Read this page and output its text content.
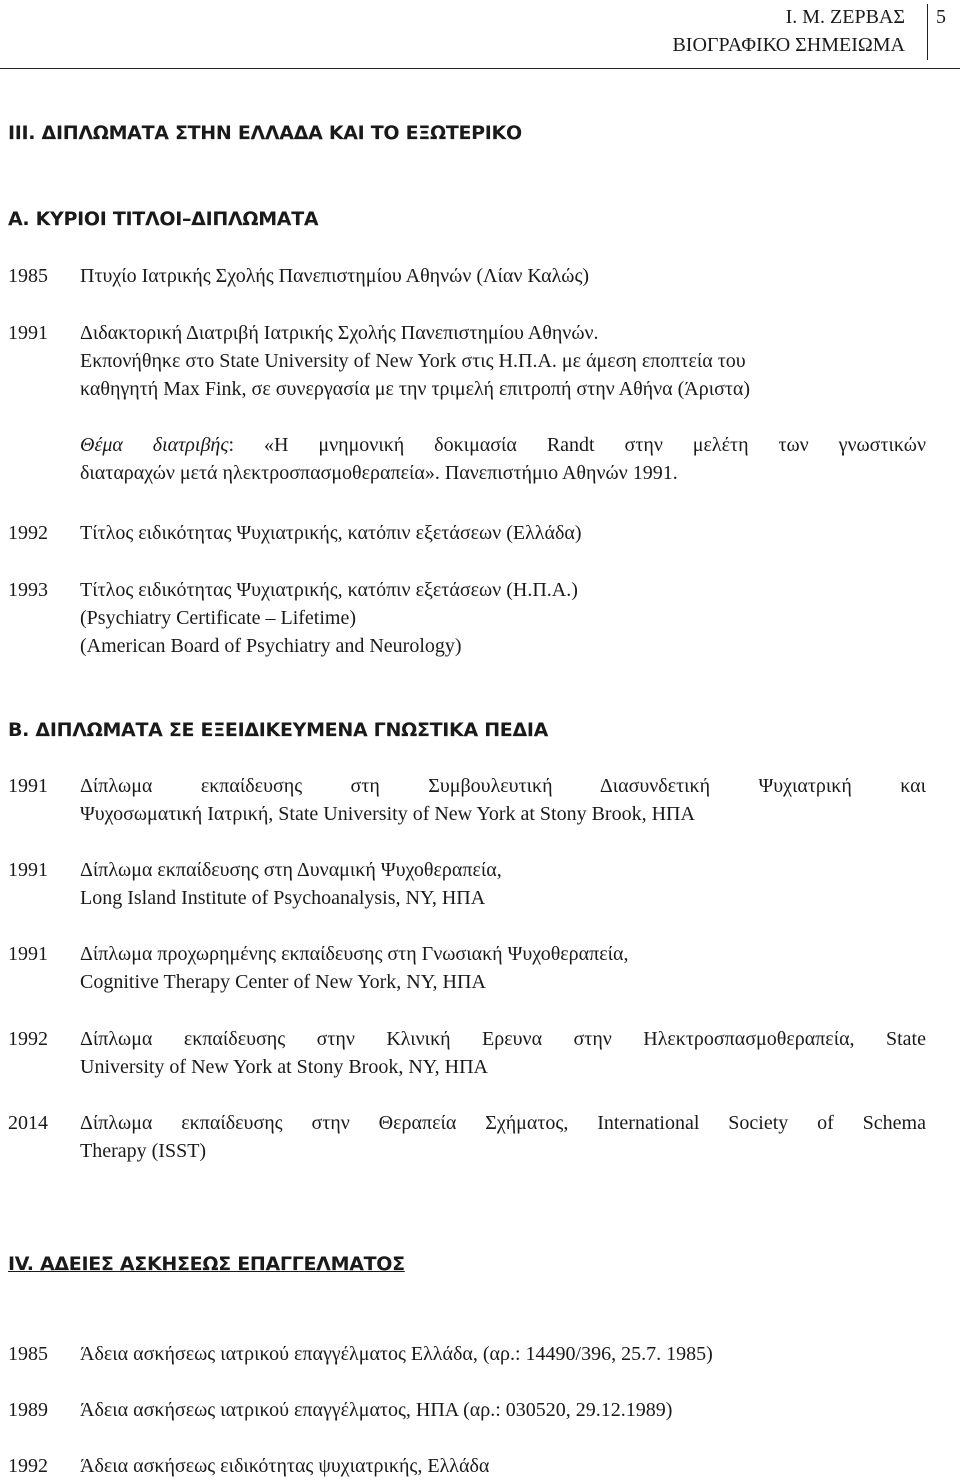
Ι. Μ. ΖΕΡΒΑΣ
ΒΙΟΓΡΑΦΙΚΟ ΣΗΜΕΙΩΜΑ
5
ΙΙΙ. ΔΙΠΛΩΜΑΤΑ ΣΤΗΝ ΕΛΛΑΔΑ ΚΑΙ ΤΟ ΕΞΩΤΕΡΙΚΟ
Α. ΚΥΡΙΟΙ ΤΙΤΛΟΙ–ΔΙΠΛΩΜΑΤΑ
1985 Πτυχίο Ιατρικής Σχολής Πανεπιστημίου Αθηνών (Λίαν Καλώς)
1991 Διδακτορική Διατριβή Ιατρικής Σχολής Πανεπιστημίου Αθηνών.
Εκπονήθηκε στο State University of New York στις Η.Π.Α. με άμεση εποπτεία του
καθηγητή Max Fink, σε συνεργασία με την τριμελή επιτροπή στην Αθήνα (Άριστα)
Θέμα διατριβής: «Η μνημονική δοκιμασία Randt στην μελέτη των γνωστικών
διαταραχών μετά ηλεκτροσπασμοθεραπεία». Πανεπιστήμιο Αθηνών 1991.
1992 Τίτλος ειδικότητας Ψυχιατρικής, κατόπιν εξετάσεων (Ελλάδα)
1993 Τίτλος ειδικότητας Ψυχιατρικής, κατόπιν εξετάσεων (Η.Π.Α.)
(Psychiatry Certificate – Lifetime)
(American Board of Psychiatry and Neurology)
Β. ΔΙΠΛΩΜΑΤΑ ΣΕ ΕΞΕΙΔΙΚΕΥΜΕΝΑ ΓΝΩΣΤΙΚΑ ΠΕΔΙΑ
1991 Δίπλωμα εκπαίδευσης στη Συμβουλευτική Διασυνδετική Ψυχιατρική και
Ψυχοσωματική Ιατρική, State University of New York at Stony Brook, ΗΠΑ
1991 Δίπλωμα εκπαίδευσης στη Δυναμική Ψυχοθεραπεία,
Long Island Institute of Psychoanalysis, NY, ΗΠΑ
1991 Δίπλωμα προχωρημένης εκπαίδευσης στη Γνωσιακή Ψυχοθεραπεία,
Cognitive Therapy Center of New York, NY, ΗΠΑ
1992 Δίπλωμα εκπαίδευσης στην Κλινική Ερευνα στην Ηλεκτροσπασμοθεραπεία, State
University of New York at Stony Brook, NY, ΗΠΑ
2014 Δίπλωμα εκπαίδευσης στην Θεραπεία Σχήματος, International Society of Schema
Therapy (ISST)
IV. ΑΔΕΙΕΣ ΑΣΚΗΣΕΩΣ ΕΠΑΓΓΕΛΜΑΤΟΣ
1985 Άδεια ασκήσεως ιατρικού επαγγέλματος Ελλάδα, (αρ.: 14490/396, 25.7. 1985)
1989 Άδεια ασκήσεως ιατρικού επαγγέλματος, ΗΠΑ (αρ.: 030520, 29.12.1989)
1992 Άδεια ασκήσεως ειδικότητας ψυχιατρικής, Ελλάδα
